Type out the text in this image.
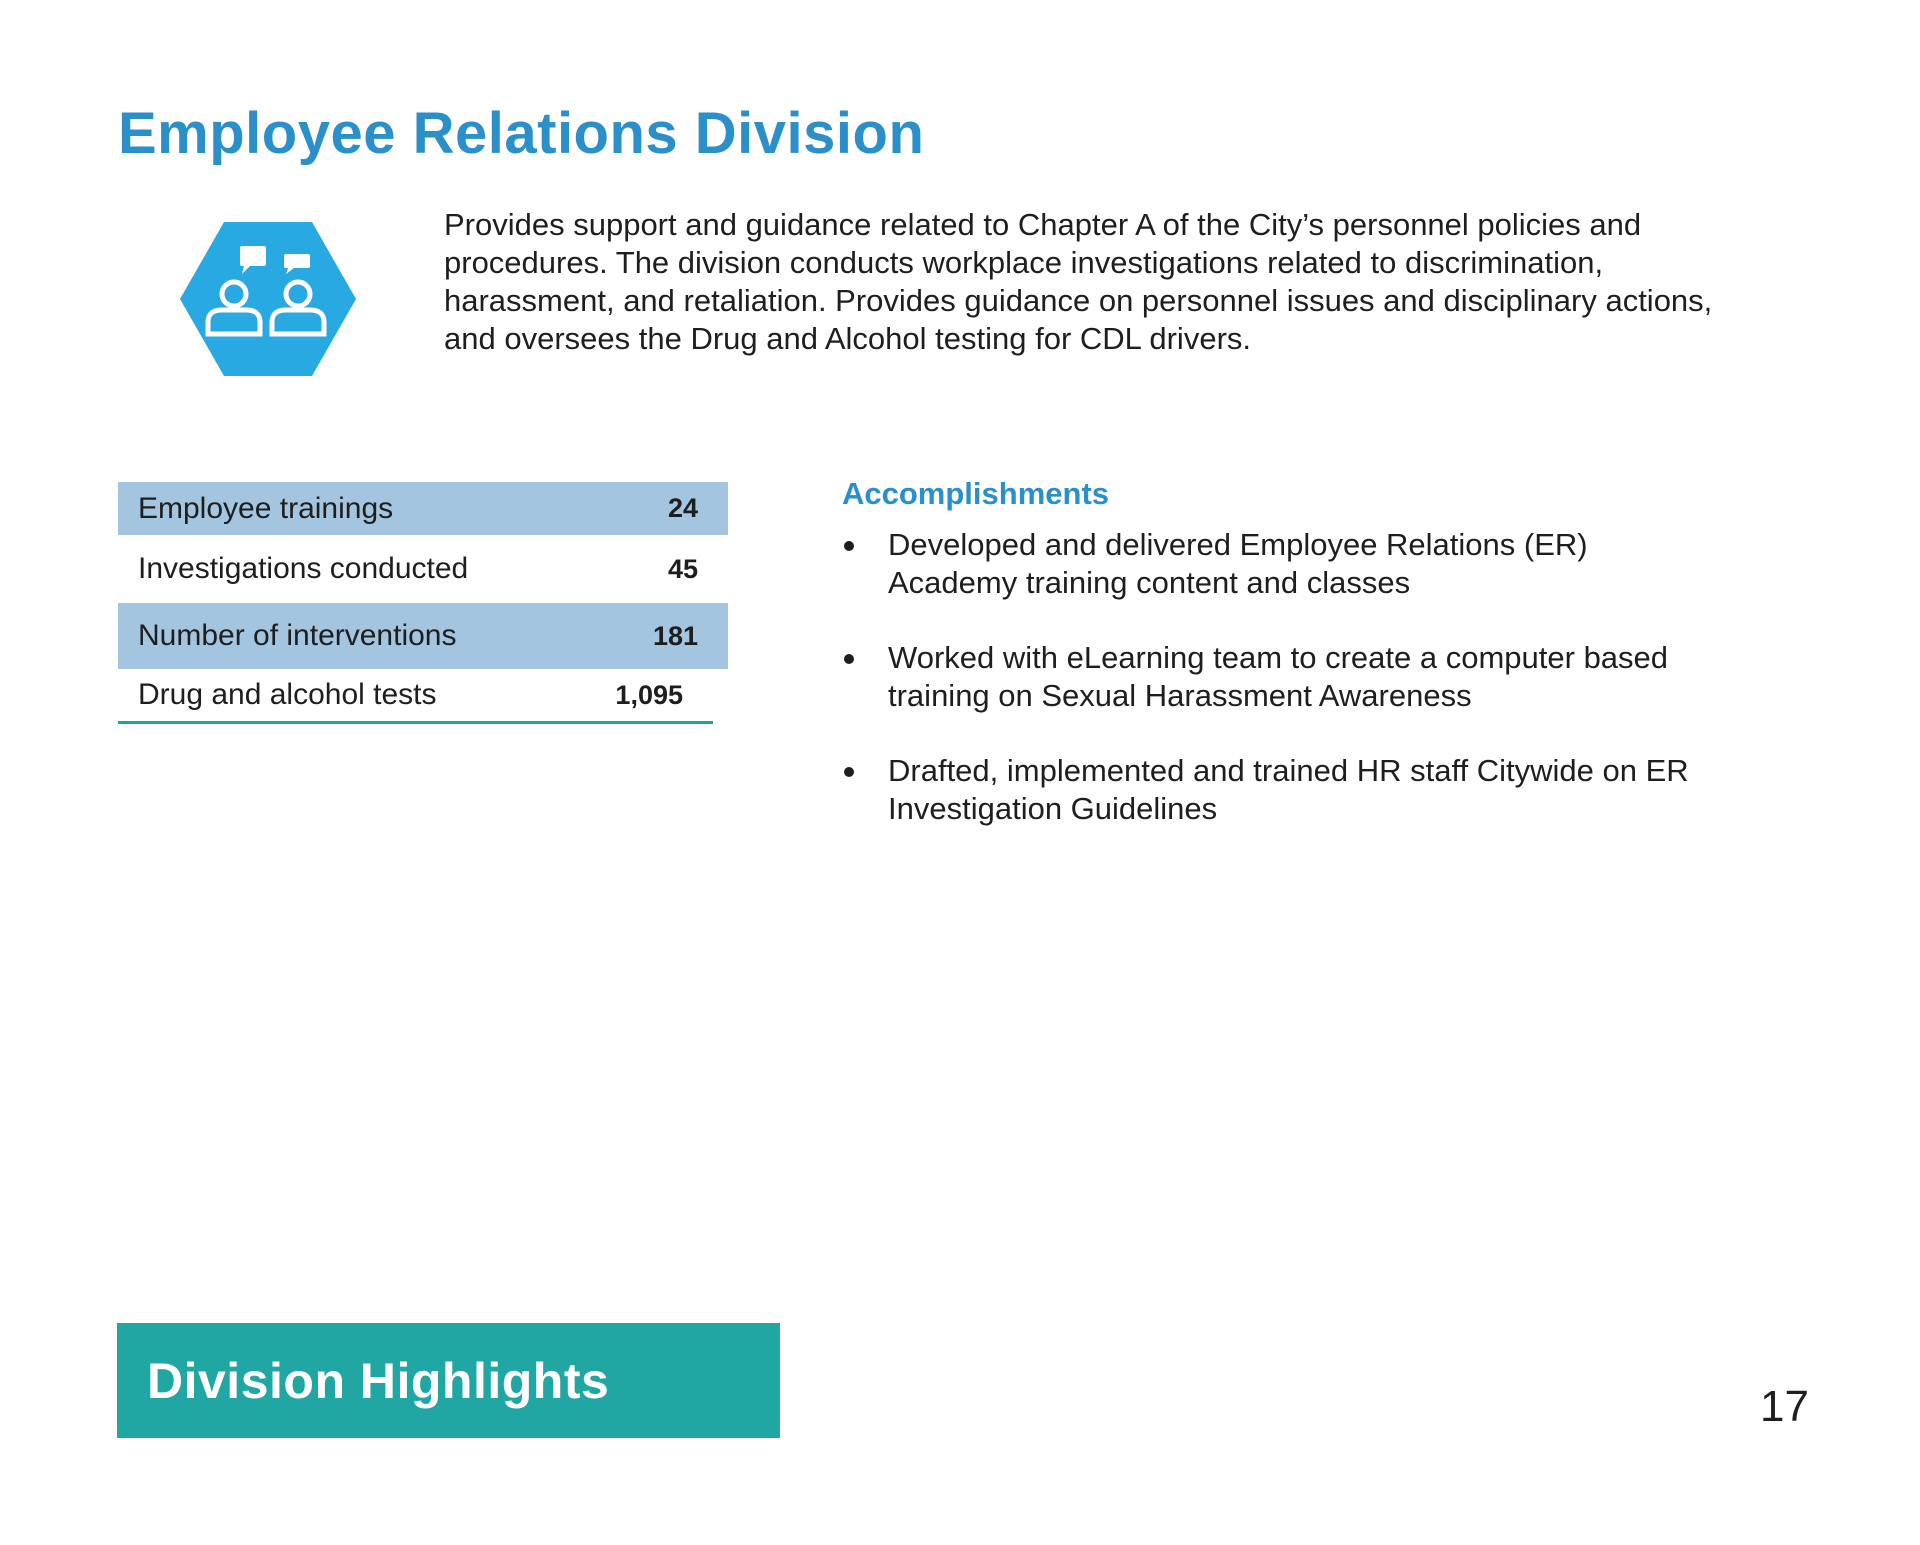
Employee Relations Division

Provides support and guidance related to Chapter A of the City’s personnel policies and procedures. The division conducts workplace investigations related to discrimination, harassment, and retaliation. Provides guidance on personnel issues and disciplinary actions, and oversees the Drug and Alcohol testing for CDL drivers.

Employee trainings	24
Investigations conducted	45
Number of interventions	181
Drug and alcohol tests	1,095
Accomplishments
Developed and delivered Employee Relations (ER) Academy training content and classes
Worked with eLearning team to create a computer based training on Sexual Harassment Awareness
Drafted, implemented and trained HR staff Citywide on ER Investigation Guidelines
Division Highlights	17
